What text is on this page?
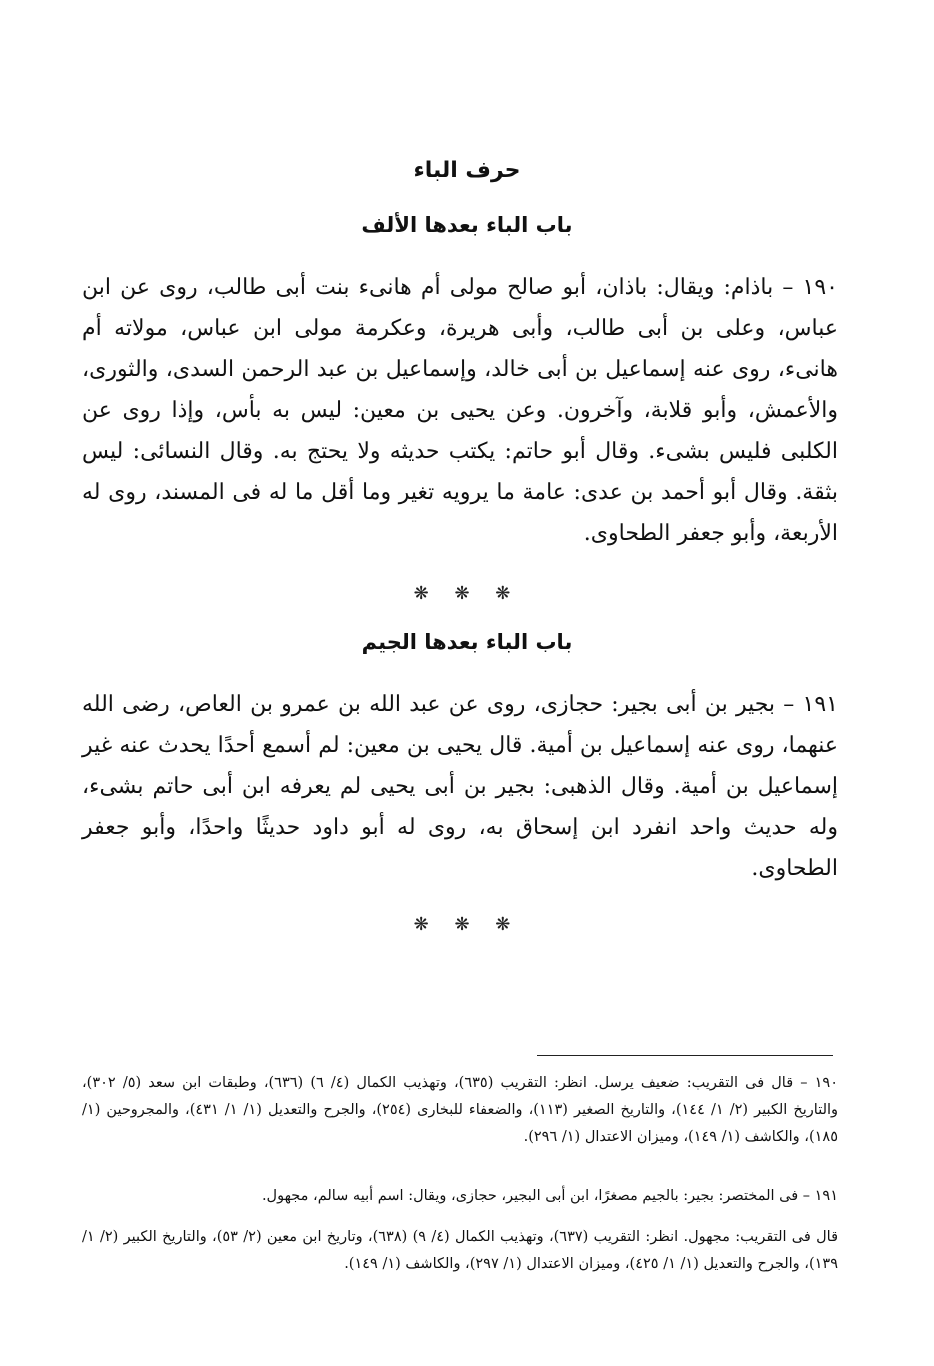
حرف الباء
باب الباء بعدها الألف
١٩٠ – باذام: ويقال: باذان، أبو صالح مولى أم هانىء بنت أبى طالب، روى عن ابن عباس، وعلى بن أبى طالب، وأبى هريرة، وعكرمة مولى ابن عباس، مولاته أم هانىء، روى عنه إسماعيل بن أبى خالد، وإسماعيل بن عبد الرحمن السدى، والثورى، والأعمش، وأبو قلابة، وآخرون. وعن يحيى بن معين: ليس به بأس، وإذا روى عن الكلبى فليس بشىء. وقال أبو حاتم: يكتب حديثه ولا يحتج به. وقال النسائى: ليس بثقة. وقال أبو أحمد بن عدى: عامة ما يرويه تغير وما أقل ما له فى المسند، روى له الأربعة، وأبو جعفر الطحاوى.
❋ ❋ ❋
باب الباء بعدها الجيم
١٩١ – بجير بن أبى بجير: حجازى، روى عن عبد الله بن عمرو بن العاص، رضى الله عنهما، روى عنه إسماعيل بن أمية. قال يحيى بن معين: لم أسمع أحدًا يحدث عنه غير إسماعيل بن أمية. وقال الذهبى: بجير بن أبى يحيى لم يعرفه ابن أبى حاتم بشىء، وله حديث واحد انفرد ابن إسحاق به، روى له أبو داود حديثًا واحدًا، وأبو جعفر الطحاوى.
❋ ❋ ❋
١٩٠ – قال فى التقريب: ضعيف يرسل. انظر: التقريب (٦٣٥)، وتهذيب الكمال (٤/ ٦) (٦٣٦)، وطبقات ابن سعد (٥/ ٣٠٢)، والتاريخ الكبير (٢/ ١/ ١٤٤)، والتاريخ الصغير (١١٣)، والضعفاء للبخارى (٢٥٤)، والجرح والتعديل (١/ ١/ ٤٣١)، والمجروحين (١/ ١٨٥)، والكاشف (١/ ١٤٩)، وميزان الاعتدال (١/ ٢٩٦).
١٩١ – فى المختصر: بجير: بالجيم مصغرًا، ابن أبى البجير، حجازى، ويقال: اسم أبيه سالم، مجهول.
قال فى التقريب: مجهول. انظر: التقريب (٦٣٧)، وتهذيب الكمال (٤/ ٩) (٦٣٨)، وتاريخ ابن معين (٢/ ٥٣)، والتاريخ الكبير (٢/ ١/ ١٣٩)، والجرح والتعديل (١/ ١/ ٤٢٥)، وميزان الاعتدال (١/ ٢٩٧)، والكاشف (١/ ١٤٩).
